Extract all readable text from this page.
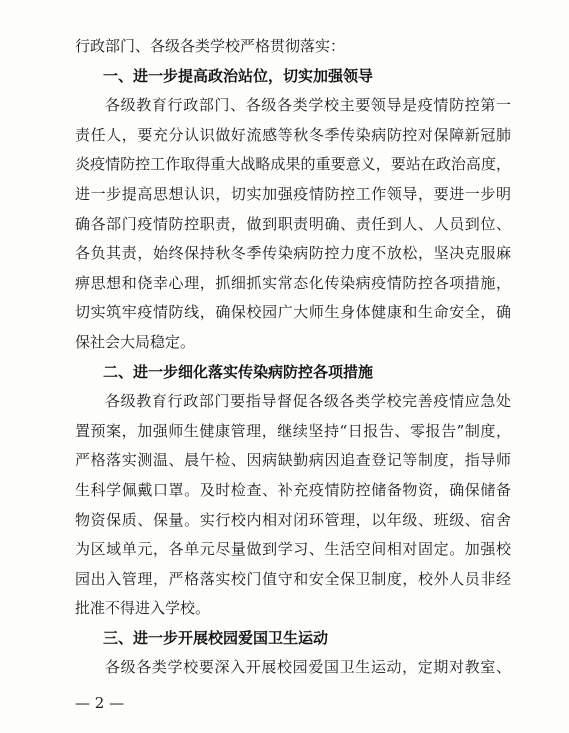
行政部门、各级各类学校严格贯彻落实：
一、进一步提高政治站位，切实加强领导
各级教育行政部门、各级各类学校主要领导是疫情防控第一
责任人，要充分认识做好流感等秋冬季传染病防控对保障新冠肺
炎疫情防控工作取得重大战略成果的重要意义，要站在政治高度，
进一步提高思想认识，切实加强疫情防控工作领导，要进一步明
确各部门疫情防控职责，做到职责明确、责任到人、人员到位、
各负其责，始终保持秋冬季传染病防控力度不放松，坚决克服麻
痹思想和侥幸心理，抓细抓实常态化传染病疫情防控各项措施，
切实筑牢疫情防线，确保校园广大师生身体健康和生命安全，确
保社会大局稳定。
二、进一步细化落实传染病防控各项措施
各级教育行政部门要指导督促各级各类学校完善疫情应急处
置预案，加强师生健康管理，继续坚持“日报告、零报告”制度，
严格落实测温、晨午检、因病缺勤病因追查登记等制度，指导师
生科学佩戴口罩。及时检查、补充疫情防控储备物资，确保储备
物资保质、保量。实行校内相对闭环管理，以年级、班级、宿舍
为区域单元，各单元尽量做到学习、生活空间相对固定。加强校
园出入管理，严格落实校门值守和安全保卫制度，校外人员非经
批准不得进入学校。
三、进一步开展校园爱国卫生运动
各级各类学校要深入开展校园爱国卫生运动，定期对教室、
— 2 —
